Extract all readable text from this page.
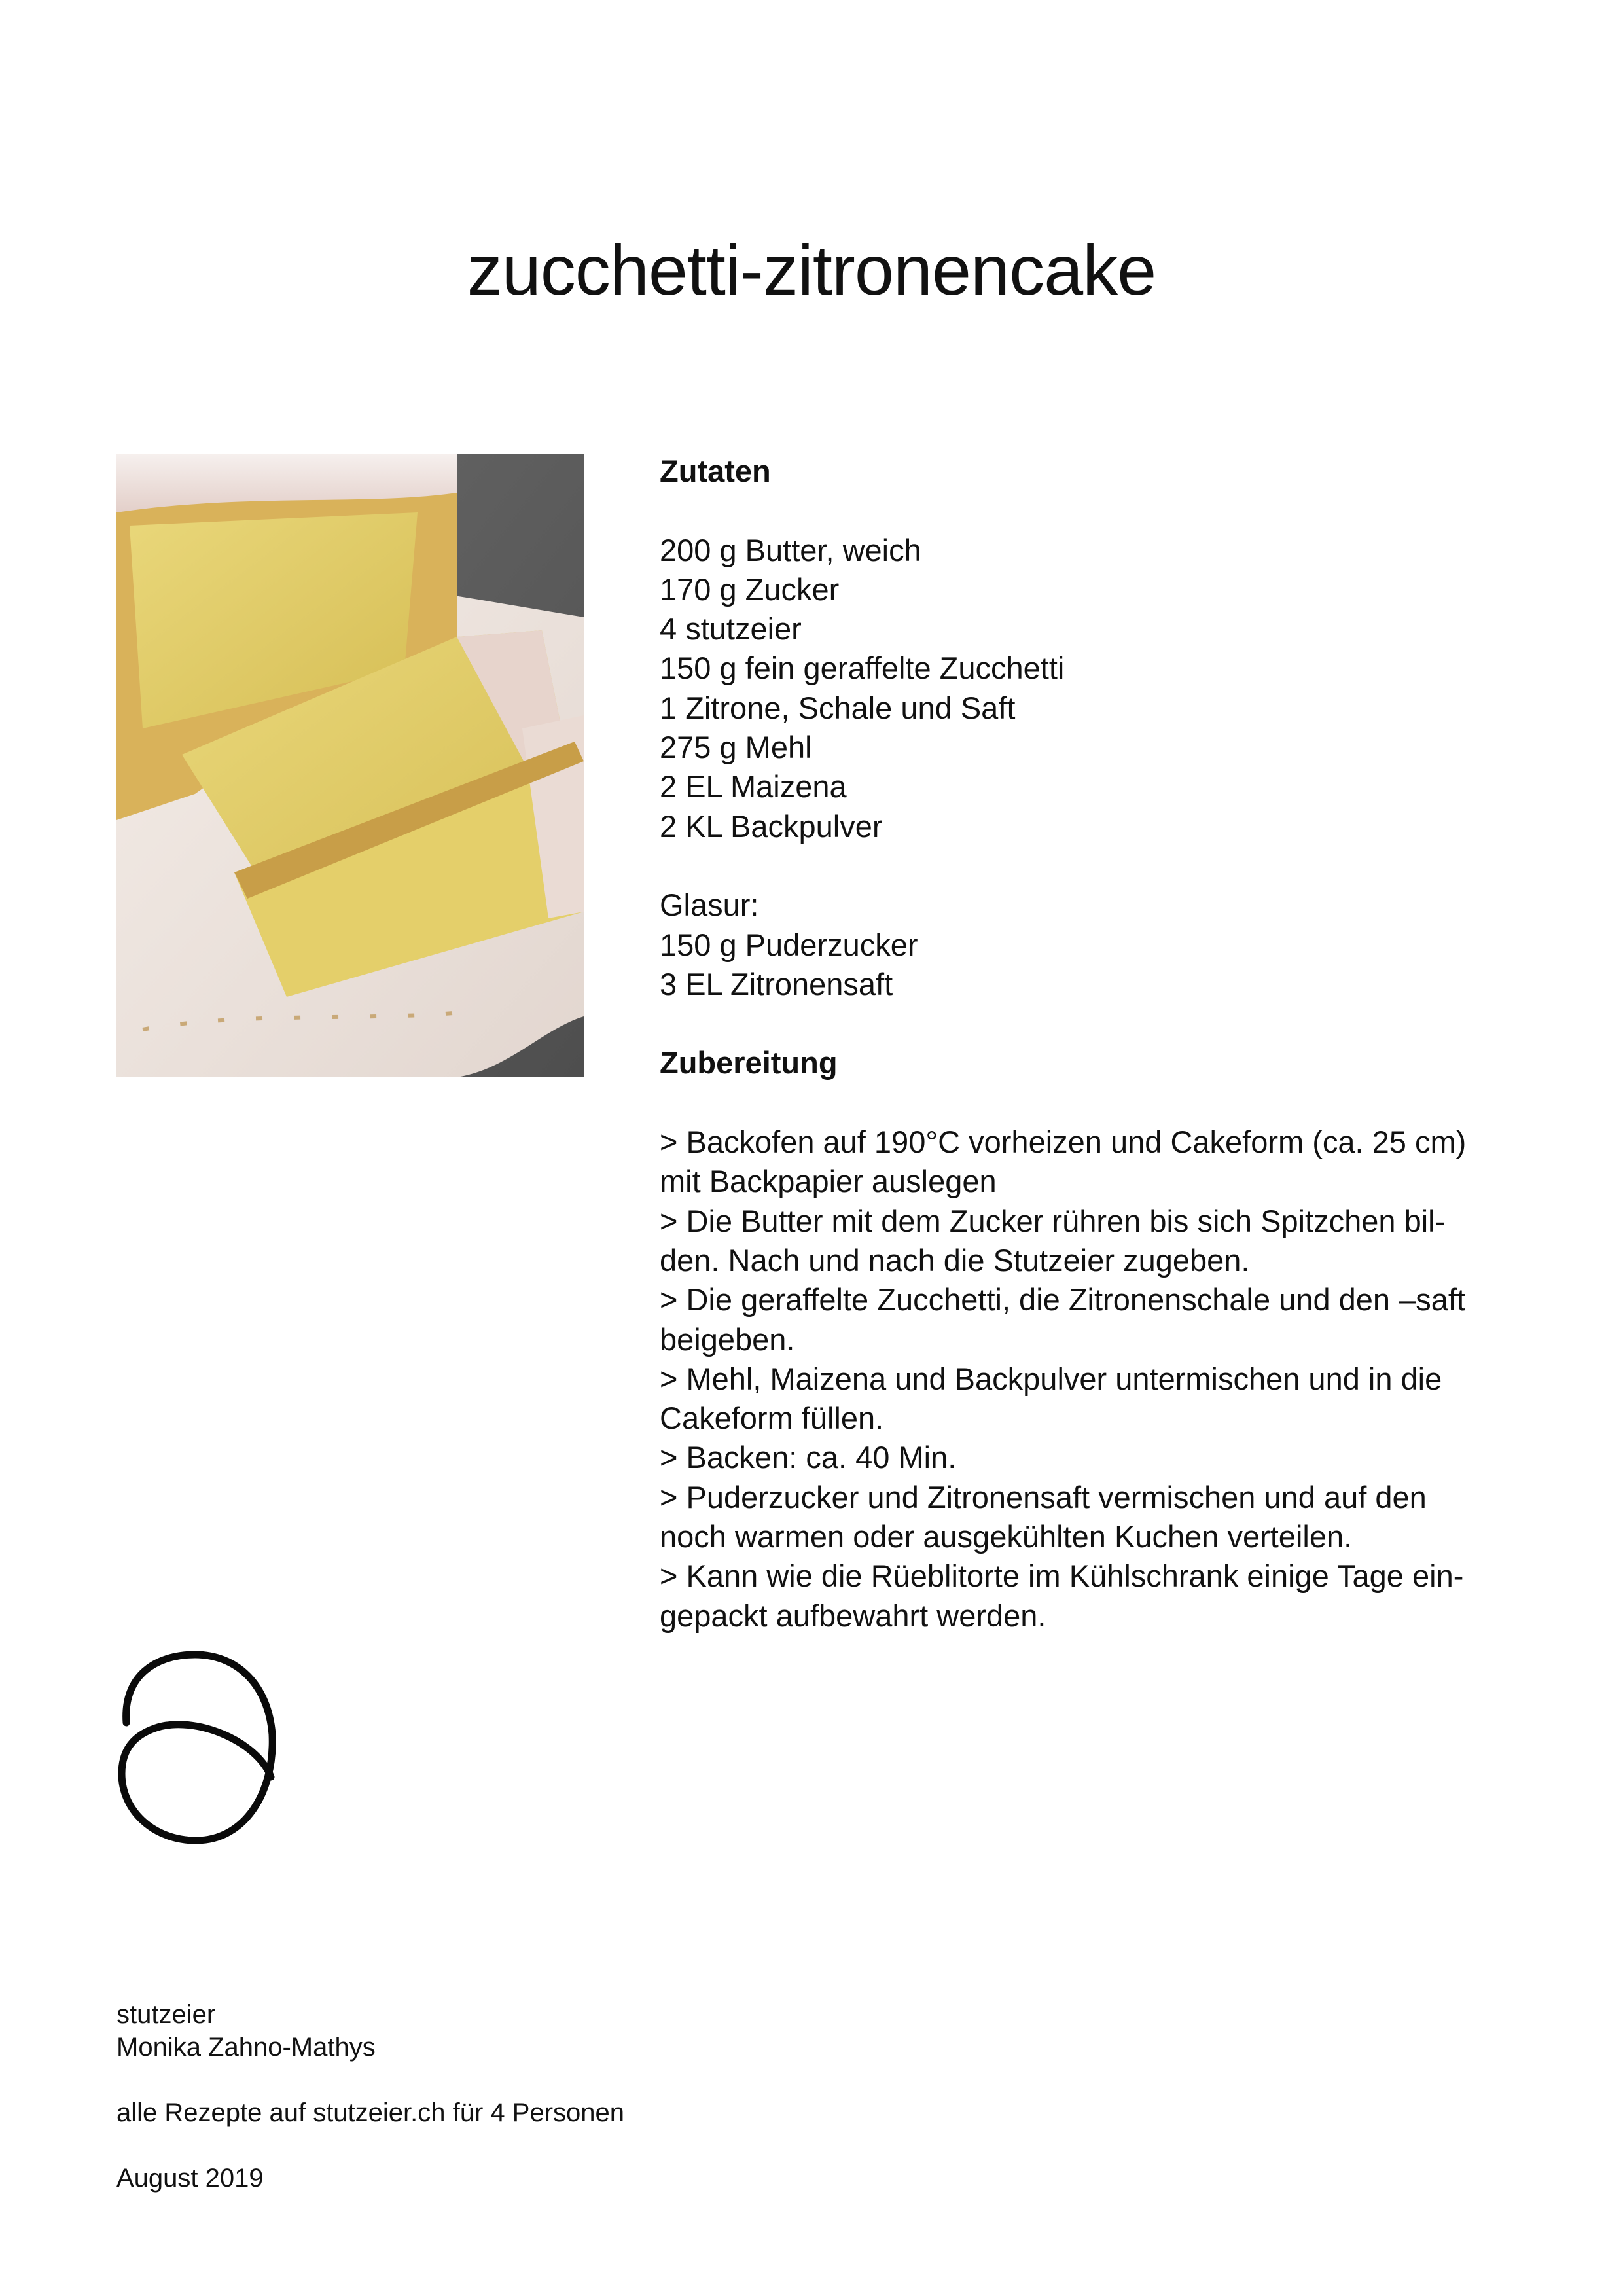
zucchetti-zitronencake
Zutaten
200 g Butter, weich
170 g Zucker
4 stutzeier
150 g fein geraffelte Zucchetti
1 Zitrone, Schale und Saft
275 g Mehl
2 EL Maizena
2 KL Backpulver
Glasur:
150 g Puderzucker
3 EL Zitronensaft
Zubereitung
> Backofen auf 190°C vorheizen und Cakeform (ca. 25 cm)
mit Backpapier auslegen
> Die Butter mit dem Zucker rühren bis sich Spitzchen bil-
den. Nach und nach die Stutzeier zugeben.
> Die geraffelte Zucchetti, die Zitronenschale und den –saft
beigeben.
> Mehl, Maizena und Backpulver untermischen und in die
Cakeform füllen.
> Backen: ca. 40 Min.
> Puderzucker und Zitronensaft vermischen und auf den
noch warmen oder ausgekühlten Kuchen verteilen.
> Kann wie die Rüeblitorte im Kühlschrank einige Tage ein-
gepackt aufbewahrt werden.
stutzeier
Monika Zahno-Mathys
alle Rezepte auf stutzeier.ch für 4 Personen
August 2019
